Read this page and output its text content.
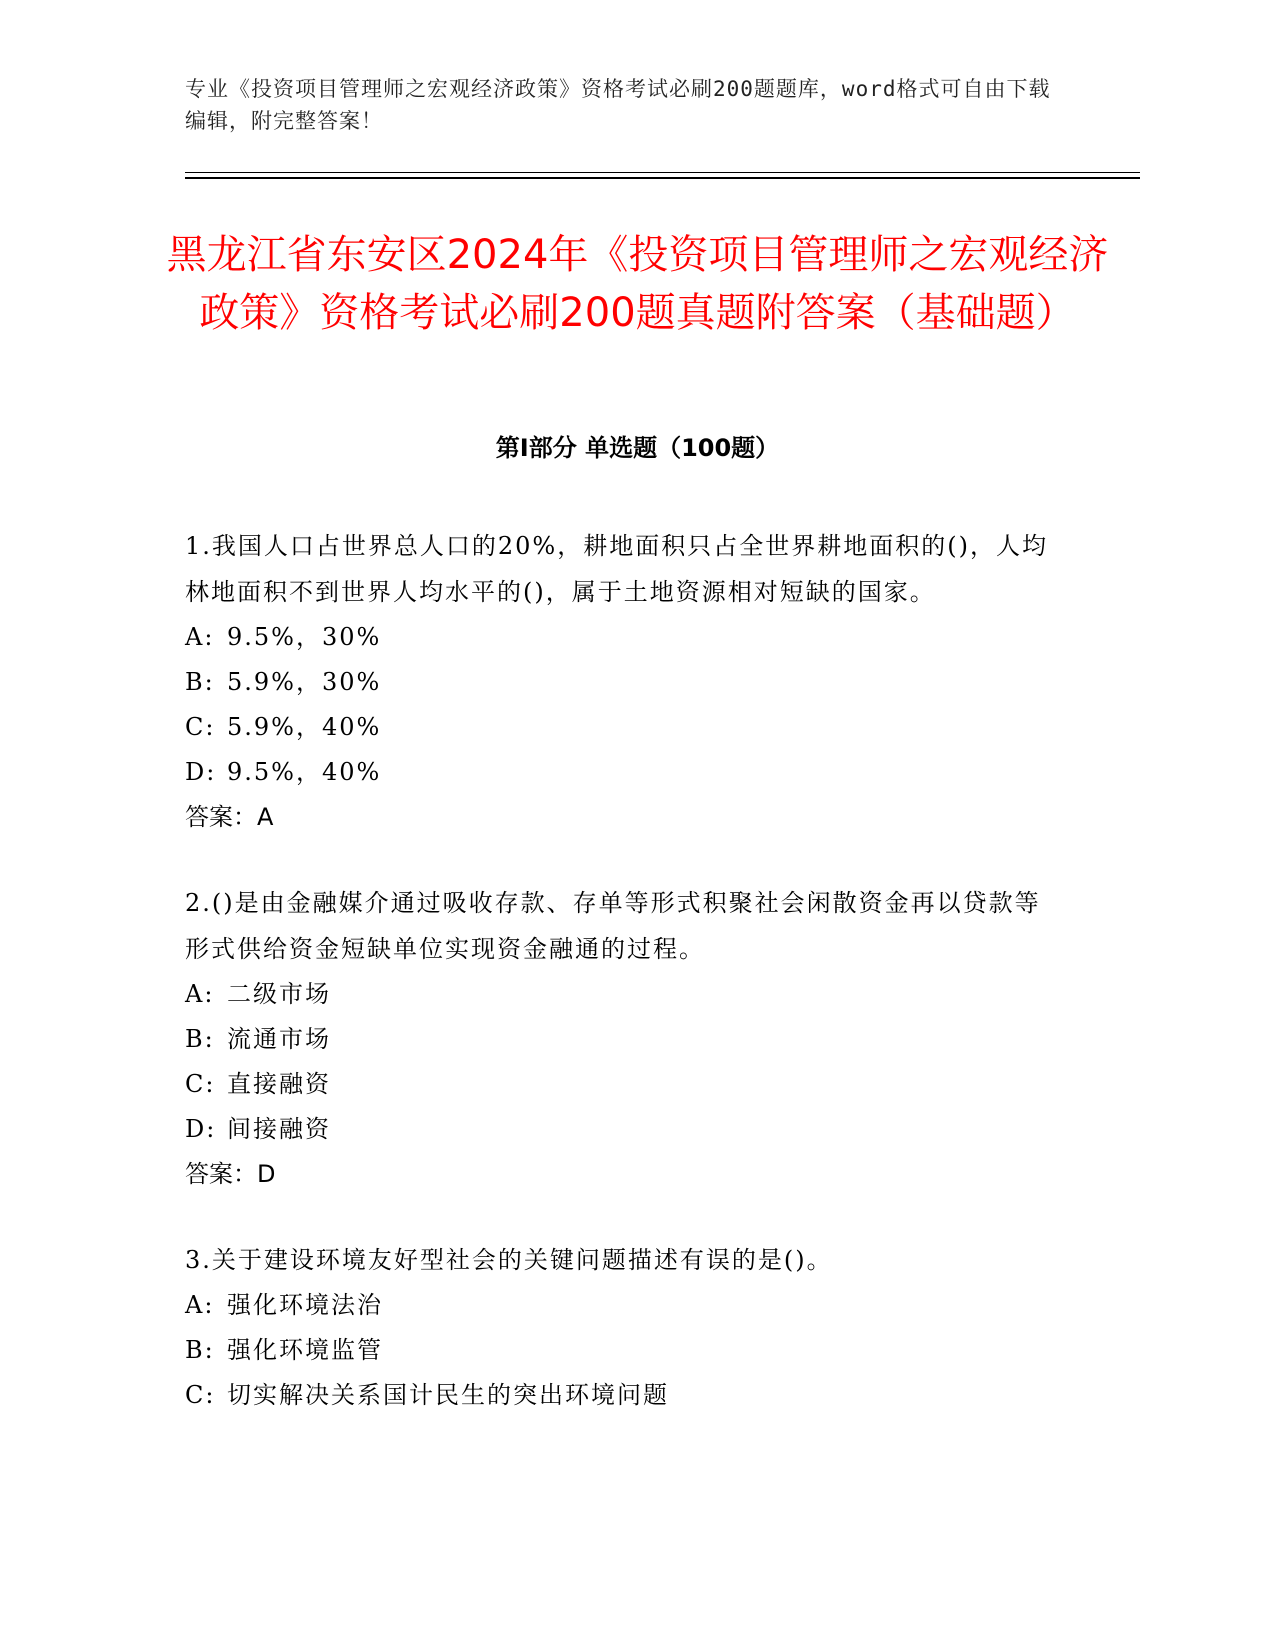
专业《投资项目管理师之宏观经济政策》资格考试必刷200题题库，word格式可自由下载编辑，附完整答案！
黑龙江省东安区2024年《投资项目管理师之宏观经济政策》资格考试必刷200题真题附答案（基础题）
第Ⅰ部分 单选题（100题）

1.我国人口占世界总人口的20%，耕地面积只占全世界耕地面积的()，人均林地面积不到世界人均水平的()，属于土地资源相对短缺的国家。

A: 9.5%，30%

B: 5.9%，30%

C: 5.9%，40%

D: 9.5%，40%

答案：A

2.()是由金融媒介通过吸收存款、存单等形式积聚社会闲散资金再以贷款等形式供给资金短缺单位实现资金融通的过程。

A: 二级市场

B: 流通市场

C: 直接融资

D: 间接融资

答案：D

3.关于建设环境友好型社会的关键问题描述有误的是()。

A: 强化环境法治

B: 强化环境监管

C: 切实解决关系国计民生的突出环境问题
